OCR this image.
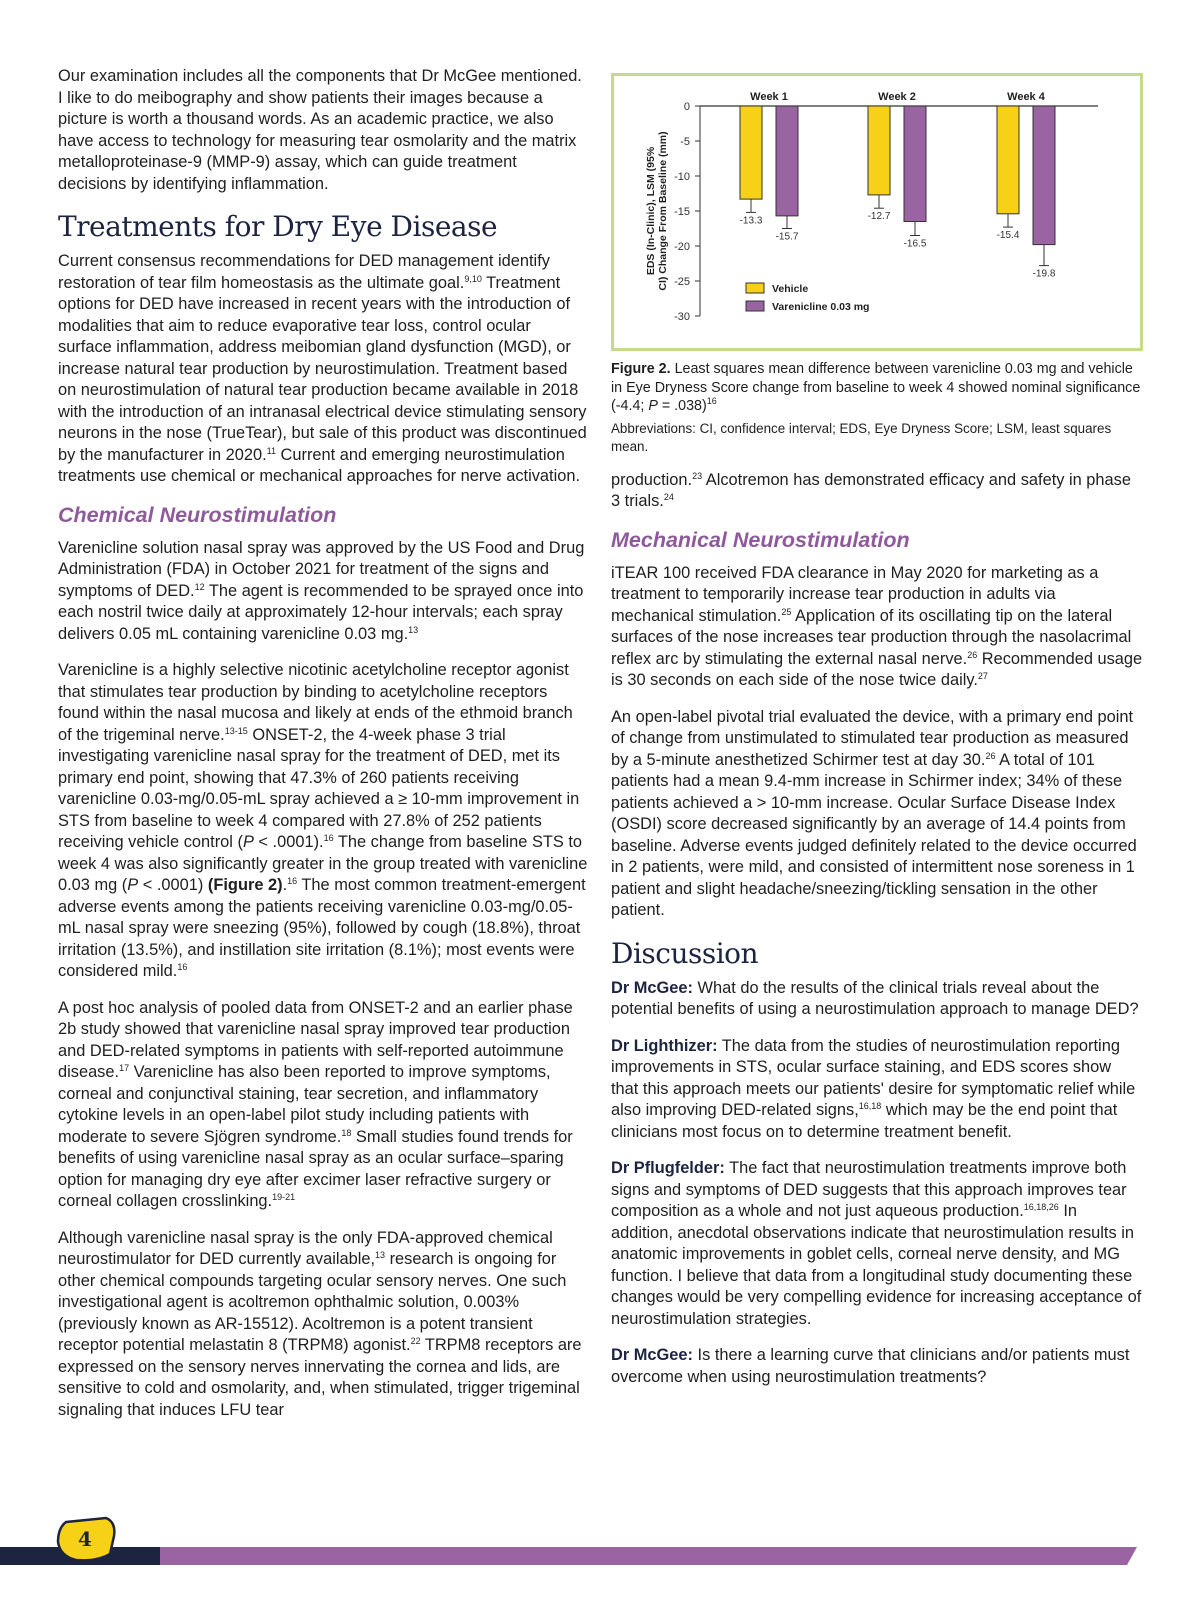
Our examination includes all the components that Dr McGee mentioned. I like to do meibography and show patients their images because a picture is worth a thousand words. As an academic practice, we also have access to technology for measuring tear osmolarity and the matrix metalloproteinase-9 (MMP-9) assay, which can guide treatment decisions by identifying inflammation.

Treatments for Dry Eye Disease

Current consensus recommendations for DED management identify restoration of tear film homeostasis as the ultimate goal.$^{9,10}$ Treatment options for DED have increased in recent years with the introduction of modalities that aim to reduce evaporative tear loss, control ocular surface inflammation, address meibomian gland dysfunction (MGD), or increase natural tear production by neurostimulation. Treatment based on neurostimulation of natural tear production became available in 2018 with the introduction of an intranasal electrical device stimulating sensory neurons in the nose (TrueTear), but sale of this product was discontinued by the manufacturer in 2020.11 Current and emerging neurostimulation treatments use chemical or mechanical approaches for nerve activation.

Chemical Neurostimulation

Varenicline solution nasal spray was approved by the US Food and Drug Administration (FDA) in October 2021 for treatment of the signs and symptoms of DED.$^{12}$ The agent is recommended to be sprayed once into each nostril twice daily at approximately 12-hour intervals; each spray delivers 0.05 mL containing varenicline 0.03 mg.$^{13}$

Varenicline is a highly selective nicotinic acetylcholine receptor agonist that stimulates tear production by binding to acetylcholine receptors found within the nasal mucosa and likely at ends of the ethmoid branch of the trigeminal nerve.$^{13-15}$ ONSET-2, the 4-week phase 3 trial investigating varenicline nasal spray for the treatment of DED, met its primary end point, showing that 47.3% of 260 patients receiving varenicline 0.03-mg/0.05-mL spray achieved a ≥ 10-mm improvement in STS from baseline to week 4 compared with 27.8% of 252 patients receiving vehicle control (P < .0001).$^{16}$ The change from baseline STS to week 4 was also significantly greater in the group treated with varenicline 0.03 mg (P < .0001) (Figure 2).$^{16}$ The most common treatment-emergent adverse events among the patients receiving varenicline 0.03-mg/0.05-mL nasal spray were sneezing (95%), followed by cough (18.8%), throat irritation (13.5%), and instillation site irritation (8.1%); most events were considered mild.$^{16}$

A post hoc analysis of pooled data from ONSET-2 and an earlier phase 2b study showed that varenicline nasal spray improved tear production and DED-related symptoms in patients with self-reported autoimmune disease.$^{17}$ Varenicline has also been reported to improve symptoms, corneal and conjunctival staining, tear secretion, and inflammatory cytokine levels in an open-label pilot study including patients with moderate to severe Sjögren syndrome.$^{18}$ Small studies found trends for benefits of using varenicline nasal spray as an ocular surface–sparing option for managing dry eye after excimer laser refractive surgery or corneal collagen crosslinking.$^{19-21}$

Although varenicline nasal spray is the only FDA-approved chemical neurostimulator for DED currently available,$^{13}$ research is ongoing for other chemical compounds targeting ocular sensory nerves. One such investigational agent is acoltremon ophthalmic solution, 0.003% (previously known as AR-15512). Acoltremon is a potent transient receptor potential melastatin 8 (TRPM8) agonist.$^{22}$ TRPM8 receptors are expressed on the sensory nerves innervating the cornea and lids, are sensitive to cold and osmolarity, and, when stimulated, trigger trigeminal signaling that induces LFU tear

EDS (In-Clinic), LSM (95%CI) Change From Baseline (mm)
0
-5
-10
-15
-20
-25
-30
Week 1
-13.3
-15.7
Week 2
-12.7
-16.5
Week 4
-15.4
-19.8
Vehicle
Varenicline 0.03 mg

Figure 2. Least squares mean difference between varenicline 0.03 mg and vehicle in Eye Dryness Score change from baseline to week 4 showed nominal significance (-4.4; P = .038)$^{16}$

Abbreviations: CI, confidence interval; EDS, Eye Dryness Score; LSM, least squares mean.

production.$^{23}$ Alcotremon has demonstrated efficacy and safety in phase 3 trials.$^{24}$

Mechanical Neurostimulation

iTEAR 100 received FDA clearance in May 2020 for marketing as a treatment to temporarily increase tear production in adults via mechanical stimulation.$^{25}$ Application of its oscillating tip on the lateral surfaces of the nose increases tear production through the nasolacrimal reflex arc by stimulating the external nasal nerve.$^{26}$ Recommended usage is 30 seconds on each side of the nose twice daily.$^{27}$

An open-label pivotal trial evaluated the device, with a primary end point of change from unstimulated to stimulated tear production as measured by a 5-minute anesthetized Schirmer test at day 30.26 A total of 101 patients had a mean 9.4-mm increase in Schirmer index; 34% of these patients achieved a > 10-mm increase. Ocular Surface Disease Index (OSDI) score decreased significantly by an average of 14.4 points from baseline. Adverse events judged definitely related to the device occurred in 2 patients, were mild, and consisted of intermittent nose soreness in 1 patient and slight headache/sneezing/tickling sensation in the other patient.

Discussion

Dr McGee: What do the results of the clinical trials reveal about the potential benefits of using a neurostimulation approach to manage DED?

Dr Lighthizer: The data from the studies of neurostimulation reporting improvements in STS, ocular surface staining, and EDS scores show that this approach meets our patients' desire for symptomatic relief while also improving DED-related signs,$^{16,18}$ which may be the end point that clinicians most focus on to determine treatment benefit.

Dr Pflugfelder: The fact that neurostimulation treatments improve both signs and symptoms of DED suggests that this approach improves tear composition as a whole and not just aqueous production.$^{16,18,26}$ In addition, anecdotal observations indicate that neurostimulation results in anatomic improvements in goblet cells, corneal nerve density, and MG function. I believe that data from a longitudinal study documenting these changes would be very compelling evidence for increasing acceptance of neurostimulation strategies.

Dr McGee: Is there a learning curve that clinicians and/or patients must overcome when using neurostimulation treatments?

4
